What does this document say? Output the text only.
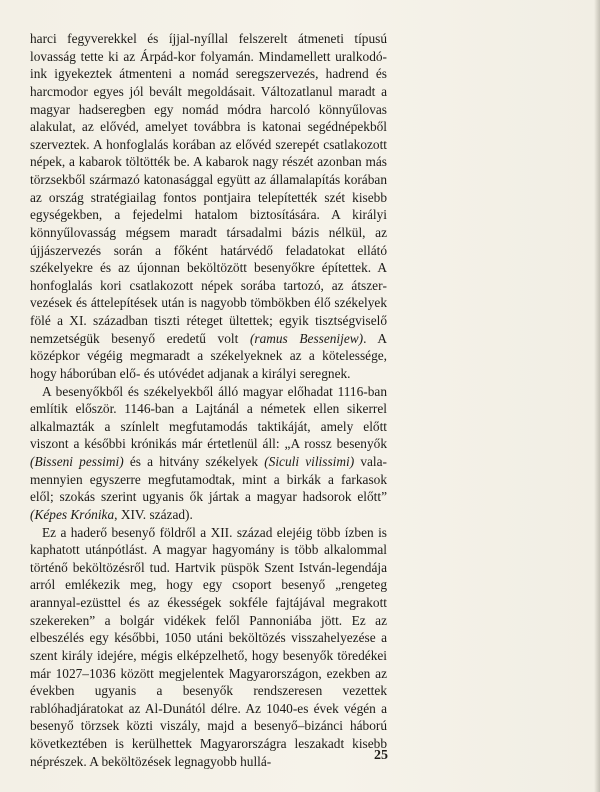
harci fegyverekkel és íjjal-nyíllal felszerelt átmeneti típusú lovasság tette ki az Árpád-kor folyamán. Mindamellett uralkodóink igyekeztek átmenteni a nomád seregszervezés, hadrend és harcmodor egyes jól bevált megoldásait. Változatlanul maradt a magyar hadseregben egy nomád módra harcoló könnyűlovas alakulat, az elővéd, amelyet továbbra is katonai segédnépekből szerveztek. A honfoglalás korában az elővéd szerepét csatlakozott népek, a kabarok töltötték be. A kabarok nagy részét azonban más törzsekből származó katonasággal együtt az államalapítás korában az ország stratégiailag fontos pontjaira telepítették szét kisebb egységekben, a fejedelmi hatalom biztosítására. A királyi könnyűlovasság mégsem maradt társadalmi bázis nélkül, az újjászervezés során a főként határvédő feladatokat ellátó székelyekre és az újonnan beköltözött besenyőkre építettek. A honfoglalás kori csatlakozott népek sorába tartozó, az átszervezések és áttelepítések után is nagyobb tömbökben élő székelyek fölé a XI. században tiszti réteget ültettek; egyik tisztségviselő nemzetségük besenyő eredetű volt (ramus Bessenijew). A középkor végéig megmaradt a székelyeknek az a kötelessége, hogy háborúban elő- és utóvédet adjanak a királyi seregnek.

A besenyőkből és székelyekből álló magyar előhadat 1116-ban említik először. 1146-ban a Lajtánál a németek ellen sikerrel alkalmazták a színlelt megfutamodás taktikáját, amely előtt viszont a későbbi krónikás már értetlenül áll: „A rossz besenyők (Bisseni pessimi) és a hitvány székelyek (Siculi vilissimi) valamennyien egyszerre megfutamodtak, mint a birkák a farkasok elől; szokás szerint ugyanis ők jártak a magyar hadsorok előtt” (Képes Krónika, XIV. század).

Ez a haderő besenyő földről a XII. század elejéig több ízben is kaphatott utánpótlást. A magyar hagyomány is több alkalommal történő beköltözésről tud. Hartvik püspök Szent István-legendája arról emlékezik meg, hogy egy csoport besenyő „rengeteg arannyal-ezüsttel és az ékességek sokféle fajtájával megrakott szekereken” a bolgár vidékek felől Pannoniába jött. Ez az elbeszélés egy későbbi, 1050 utáni beköltözés visszahelyezése a szent király idejére, mégis elképzelhető, hogy besenyők töredékei már 1027–1036 között megjelentek Magyarországon, ezekben az években ugyanis a besenyők rendszeresen vezettek rablóhadjáratokat az Al-Dunától délre. Az 1040-es évek végén a besenyő törzsek közti viszály, majd a besenyő–bizánci háború következtében is kerülhettek Magyarországra leszakadt kisebb néprészek. A beköltözések legnagyobb hullá-	25
